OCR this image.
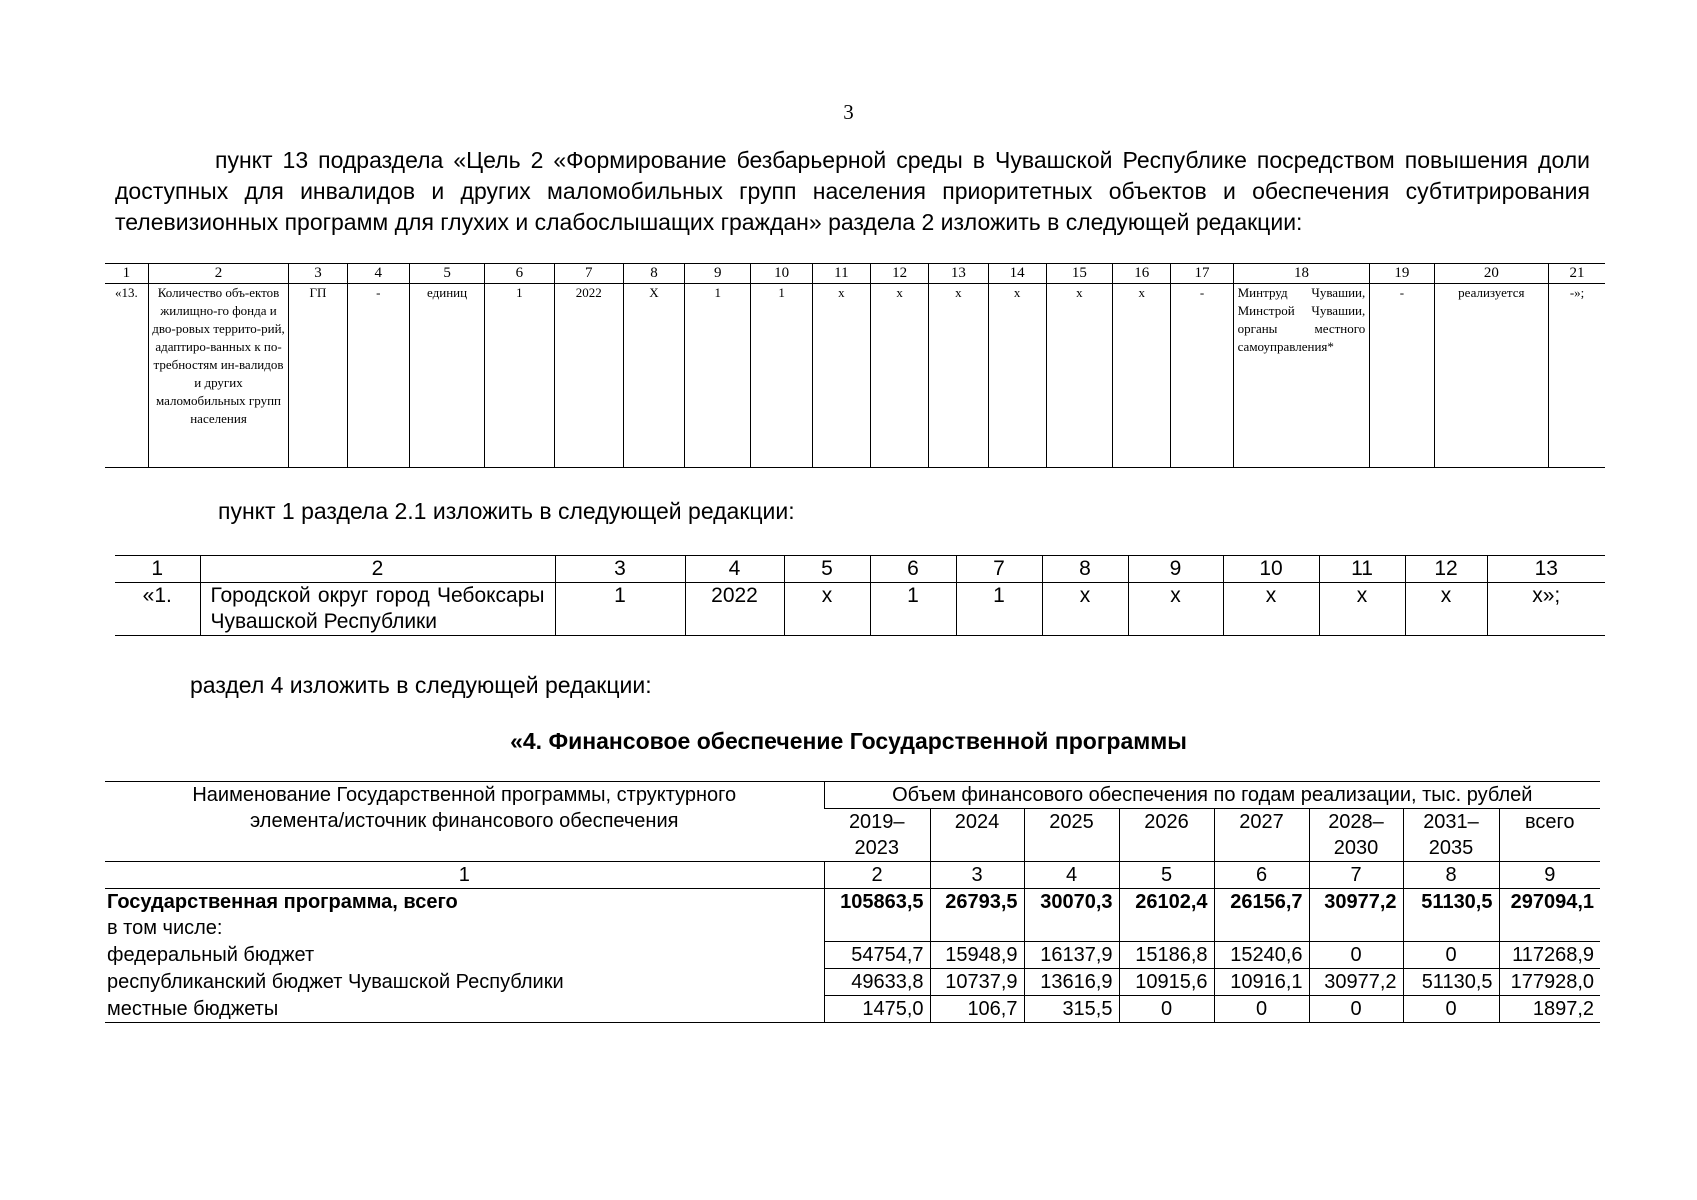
3

пункт 13 подраздела «Цель 2 «Формирование безбарьерной среды в Чувашской Республике посредством повышения доли доступных для инвалидов и других маломобильных групп населения приоритетных объектов и обеспечения субтитрирования телевизионных программ для глухих и слабослышащих граждан» раздела 2 изложить в следующей редакции:

1	2	3	4	5	6	7	8	9	10	11	12	13	14	15	16	17	18	19	20	21
«13.	Количество объ-ектов жилищно-го фонда и дво-ровых террито-рий, адаптиро-ванных к по-требностям ин-валидов и других маломобильных групп населения	ГП	-	единиц	1	2022	Х	1	1	х	х	х	х	х	х	-	Минтруд Чувашии, Минстрой Чувашии, органы местного самоуправления*	-	реализуется	-»;

пункт 1 раздела 2.1 изложить в следующей редакции:

1	2	3	4	5	6	7	8	9	10	11	12	13
«1.	Городской округ город Чебоксары Чувашской Республики	1	2022	х	1	1	х	х	х	х	х	х»;

раздел 4 изложить в следующей редакции:

«4. Финансовое обеспечение Государственной программы
Наименование Государственной программы, структурного элемента/источник финансового обеспечения	Объем финансового обеспечения по годам реализации, тыс. рублей							
	2019–2023	2024	2025	2026	2027	2028–2030	2031–2035	всего
1	2	3	4	5	6	7	8	9
Государственная программа, всего	105863,5	26793,5	30070,3	26102,4	26156,7	30977,2	51130,5	297094,1
в том числе:								
федеральный бюджет	54754,7	15948,9	16137,9	15186,8	15240,6	0	0	117268,9
республиканский бюджет Чувашской Республики	49633,8	10737,9	13616,9	10915,6	10916,1	30977,2	51130,5	177928,0
местные бюджеты	1475,0	106,7	315,5	0	0	0	0	1897,2
